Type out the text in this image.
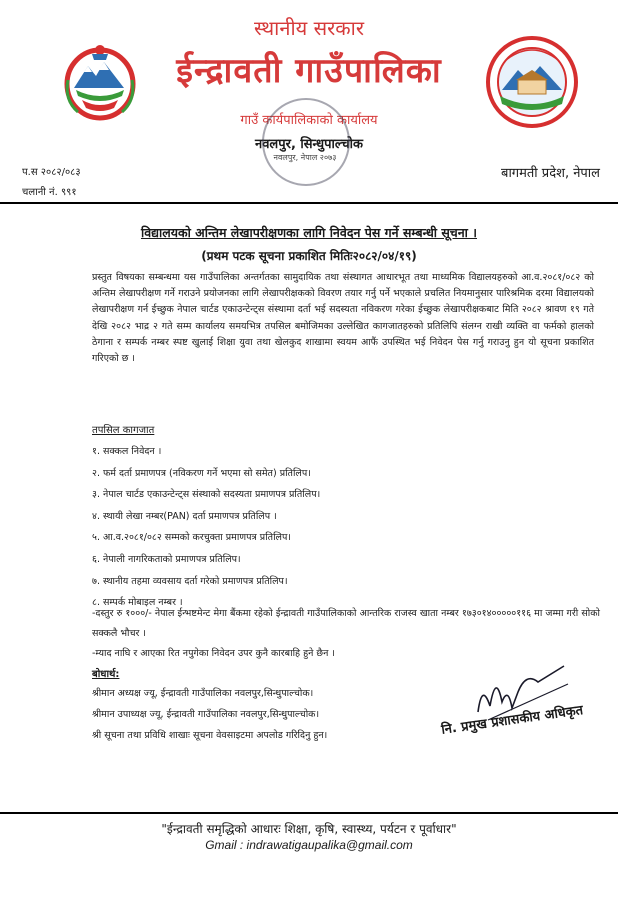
स्थानीय सरकार
ईन्द्रावती गाउँपालिका
गाउँ कार्यपालिकाको कार्यालय
नवलपुर, सिन्धुपाल्चोक
नवलपुर, नेपाल २०७३
प.स २०८२/०८३
चलानी नं. ९९१
बागमती प्रदेश, नेपाल
विद्यालयको अन्तिम लेखापरीक्षणका लागि निवेदन पेस गर्ने सम्बन्धी सूचना ।
(प्रथम पटक सूचना प्रकाशित मितिः२०८२/०४/१९)

प्रस्तुत विषयका सम्बन्धमा यस गाउँपालिका अन्तर्गतका सामुदायिक तथा संस्थागत आधारभूत तथा माध्यमिक विद्यालयहरुको आ.व.२०८१/०८२ को अन्तिम लेखापरीक्षण गर्ने गराउने प्रयोजनका लागि लेखापरीक्षकको विवरण तयार गर्नु पर्ने भएकाले प्रचलित नियमानुसार पारिश्रमिक दरमा विद्यालयको लेखापरीक्षण गर्न ईच्छुक नेपाल चार्टड एकाउन्टेन्ट्स संस्थामा दर्ता भई सदस्यता नविकरण गरेका ईच्छुक लेखापरीक्षकबाट मिति २०८२ श्रावण १९ गते देखि २०८२ भाद्र २ गते सम्म कार्यालय समयभित्र तपसिल बमोजिमका उल्लेखित कागजातहरुको प्रतिलिपि संलग्न राखी व्यक्ति वा फर्मको हालको ठेगाना र सम्पर्क नम्बर स्पष्ट खुलाई शिक्षा युवा तथा खेलकुद शाखामा स्वयम आफैं उपस्थित भई निवेदन पेस गर्नु गराउनु हुन यो सूचना प्रकाशित गरिएको छ ।

तपसिल कागजात
१. सक्कल निवेदन ।
२. फर्म दर्ता प्रमाणपत्र (नविकरण गर्ने भएमा सो समेत) प्रतिलिप।
३. नेपाल चार्टड एकाउन्टेन्ट्स संस्थाको सदस्यता प्रमाणपत्र प्रतिलिप।
४. स्थायी लेखा नम्बर(PAN) दर्ता प्रमाणपत्र प्रतिलिप ।
५. आ.व.२०८१/०८२ सम्मको करचुक्ता प्रमाणपत्र प्रतिलिप।
६. नेपाली नागरिकताको प्रमाणपत्र प्रतिलिप।
७. स्थानीय तहमा व्यवसाय दर्ता गरेको प्रमाणपत्र प्रतिलिप।
८. सम्पर्क मोबाइल नम्बर ।

-दस्तुर रु १०००/- नेपाल ईन्भष्टमेन्ट मेगा बैंकमा रहेको ईन्द्रावती गाउँपालिकाको आन्तरिक राजस्व खाता नम्बर १७३०१४०००००११६ मा जम्मा गरी सोको सक्कलै भौचर ।

-म्याद नाघि र आएका रित नपुगेका निवेदन उपर कुनै कारबाहि हुने छैन ।
बोधार्थ:
श्रीमान अध्यक्ष ज्यू, ईन्द्रावती गाउँपालिका नवलपुर,सिन्धुपाल्चोक।
श्रीमान उपाध्यक्ष ज्यू, ईन्द्रावती गाउँपालिका नवलपुर,सिन्धुपाल्चोक।
श्री सूचना तथा प्रविधि शाखाः सूचना वेवसाइटमा अपलोड गरिदिनु हुन।	नि. प्रमुख प्रशासकीय अधिकृत
"ईन्द्रावती समृद्धिको आधारः शिक्षा, कृषि, स्वास्थ्य, पर्यटन र पूर्वाधार"
Gmail : indrawatigaupalika@gmail.com
